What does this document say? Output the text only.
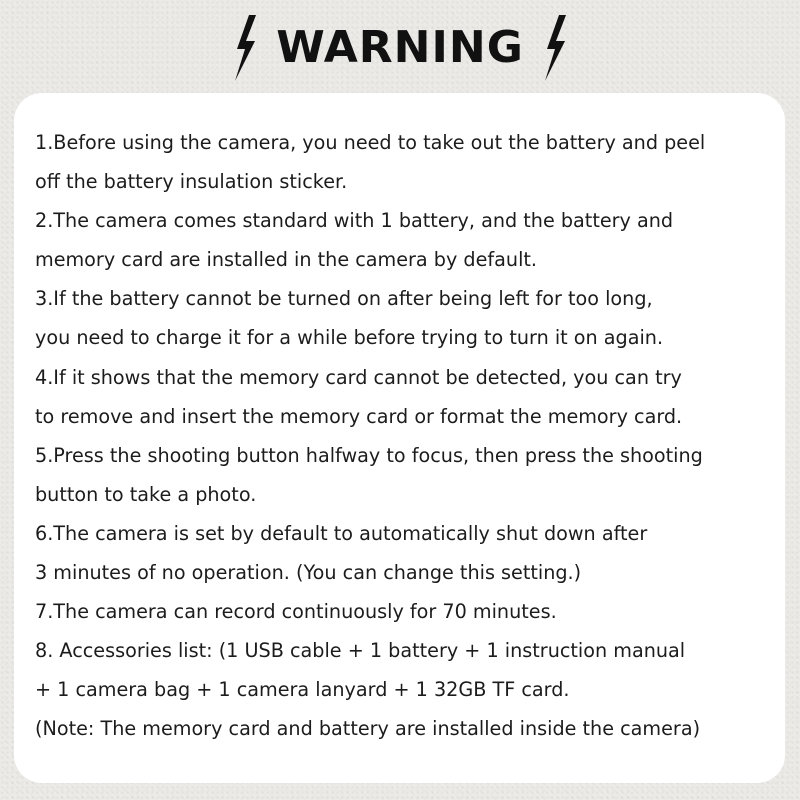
WARNING
1.Before using the camera, you need to take out the battery and peel
off the battery insulation sticker.
2.The camera comes standard with 1 battery, and the battery and
memory card are installed in the camera by default.
3.If the battery cannot be turned on after being left for too long,
you need to charge it for a while before trying to turn it on again.
4.If it shows that the memory card cannot be detected, you can try
to remove and insert the memory card or format the memory card.
5.Press the shooting button halfway to focus, then press the shooting
button to take a photo.
6.The camera is set by default to automatically shut down after
3 minutes of no operation. (You can change this setting.)
7.The camera can record continuously for 70 minutes.
8. Accessories list: (1 USB cable + 1 battery + 1 instruction manual
+ 1 camera bag + 1 camera lanyard + 1 32GB TF card.
(Note: The memory card and battery are installed inside the camera)
